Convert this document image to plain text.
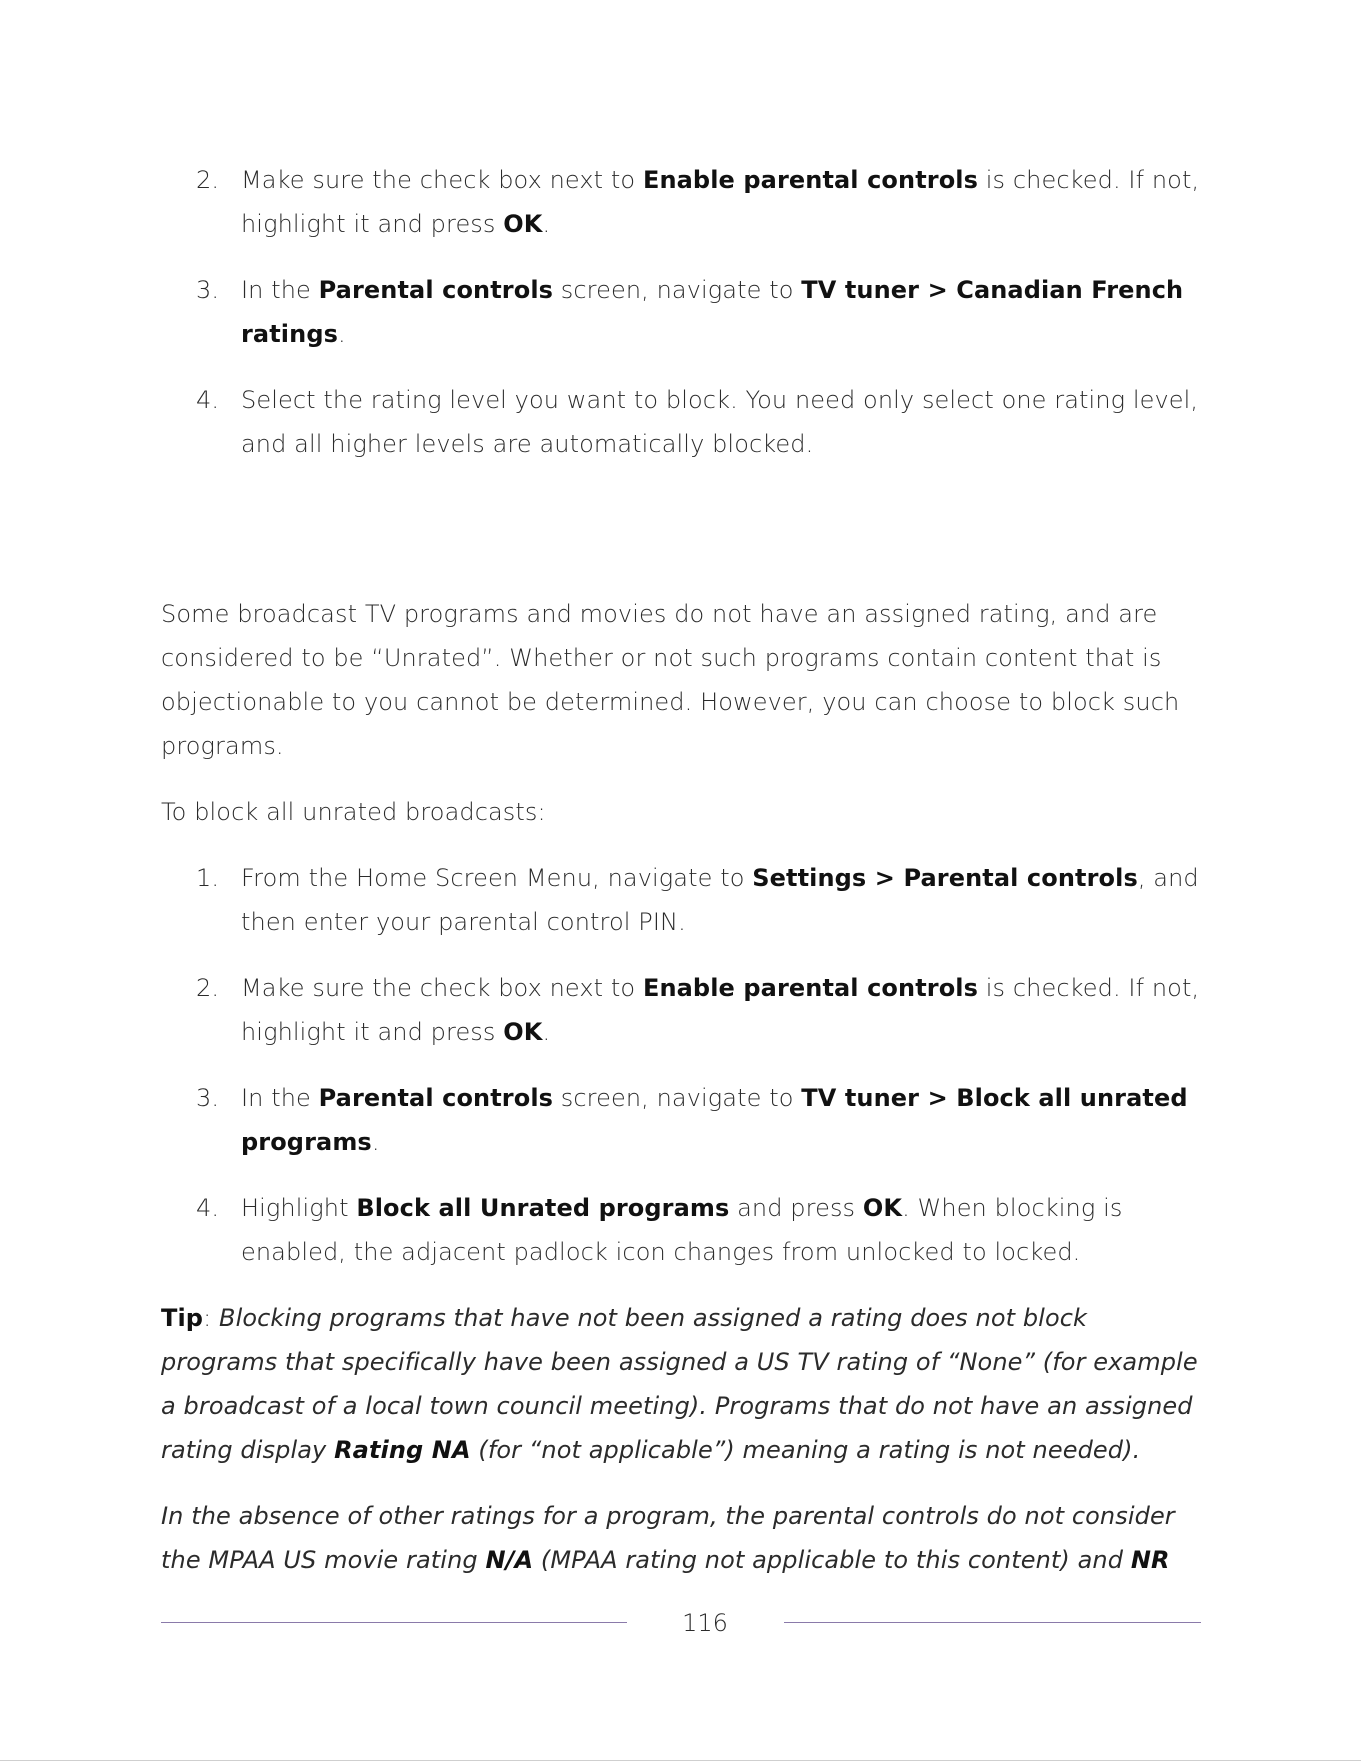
2. Make sure the check box next to Enable parental controls is checked. If not, highlight it and press OK.
3. In the Parental controls screen, navigate to TV tuner > Canadian French ratings.
4. Select the rating level you want to block. You need only select one rating level, and all higher levels are automatically blocked.

Some broadcast TV programs and movies do not have an assigned rating, and are considered to be “Unrated”. Whether or not such programs contain content that is objectionable to you cannot be determined. However, you can choose to block such programs.

To block all unrated broadcasts:

1. From the Home Screen Menu, navigate to Settings > Parental controls, and then enter your parental control PIN.
2. Make sure the check box next to Enable parental controls is checked. If not, highlight it and press OK.
3. In the Parental controls screen, navigate to TV tuner > Block all unrated programs.
4. Highlight Block all Unrated programs and press OK. When blocking is enabled, the adjacent padlock icon changes from unlocked to locked.

Tip: Blocking programs that have not been assigned a rating does not block programs that specifically have been assigned a US TV rating of “None” (for example a broadcast of a local town council meeting). Programs that do not have an assigned rating display Rating NA (for “not applicable”) meaning a rating is not needed).

In the absence of other ratings for a program, the parental controls do not consider the MPAA US movie rating N/A (MPAA rating not applicable to this content) and NR

116
